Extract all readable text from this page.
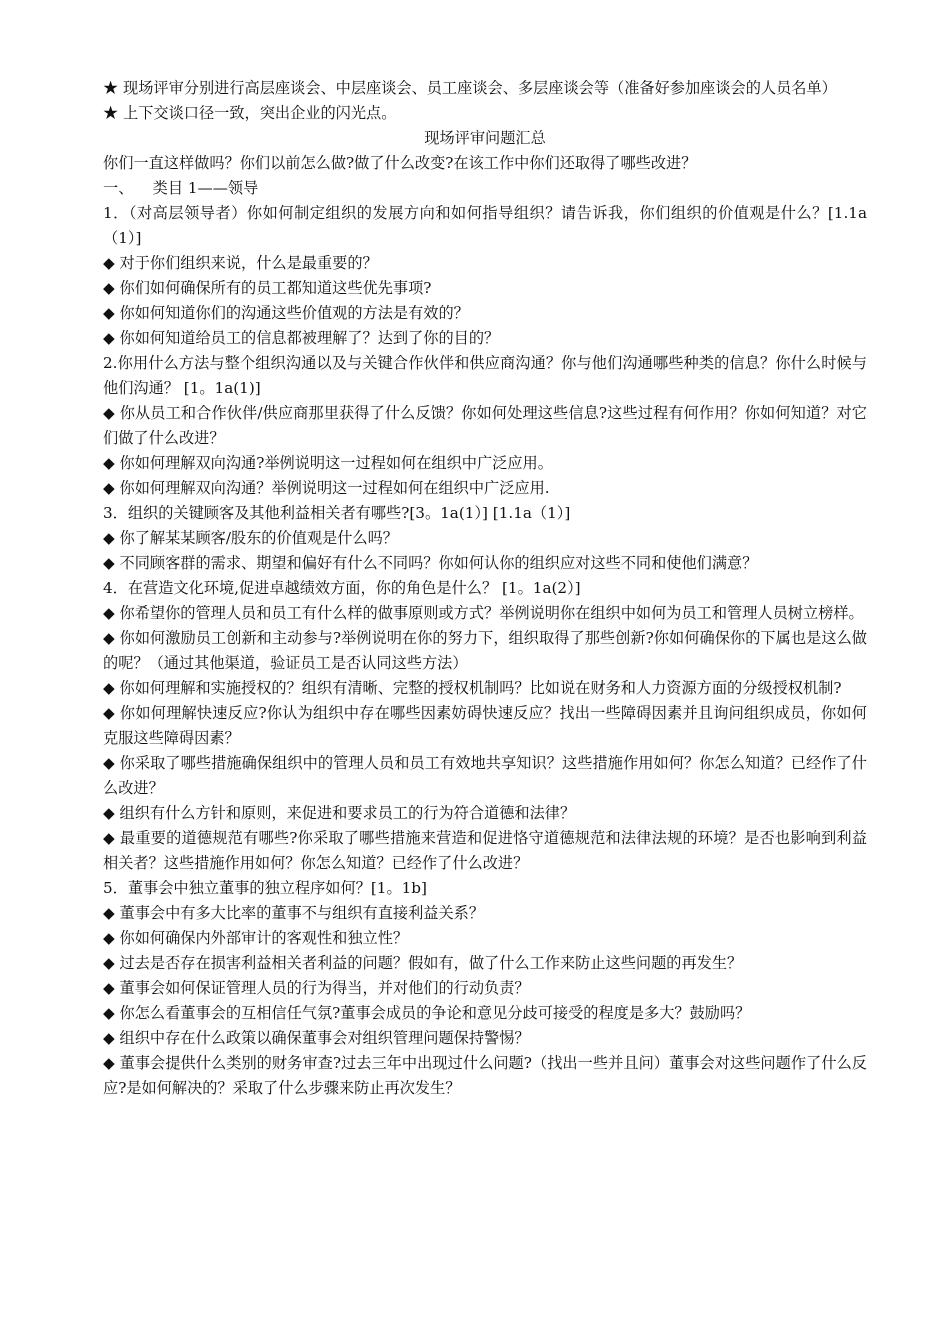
★ 现场评审分别进行高层座谈会、中层座谈会、员工座谈会、多层座谈会等（准备好参加座谈会的人员名单）

★ 上下交谈口径一致，突出企业的闪光点。

现场评审问题汇总

你们一直这样做吗？你们以前怎么做?做了什么改变?在该工作中你们还取得了哪些改进？

一、    类目 1——领导

1．（对高层领导者）你如何制定组织的发展方向和如何指导组织？请告诉我，你们组织的价值观是什么？[1.1a（1）]

◆ 对于你们组织来说，什么是最重要的？

◆ 你们如何确保所有的员工都知道这些优先事项?

◆ 你如何知道你们的沟通这些价值观的方法是有效的？

◆ 你如何知道给员工的信息都被理解了？达到了你的目的？

2.你用什么方法与整个组织沟通以及与关键合作伙伴和供应商沟通？你与他们沟通哪些种类的信息？你什么时候与他们沟通？ [1。1a(1)]

◆ 你从员工和合作伙伴/供应商那里获得了什么反馈？你如何处理这些信息?这些过程有何作用？你如何知道？对它们做了什么改进？

◆ 你如何理解双向沟通?举例说明这一过程如何在组织中广泛应用。

◆ 你如何理解双向沟通？举例说明这一过程如何在组织中广泛应用.

3．组织的关键顾客及其他利益相关者有哪些?[3。1a(1）] [1.1a（1）]

◆ 你了解某某顾客/股东的价值观是什么吗？

◆ 不同顾客群的需求、期望和偏好有什么不同吗？你如何认你的组织应对这些不同和使他们满意？

4．在营造文化环境,促进卓越绩效方面，你的角色是什么？ [1。1a(2）]

◆ 你希望你的管理人员和员工有什么样的做事原则或方式？举例说明你在组织中如何为员工和管理人员树立榜样。

◆ 你如何激励员工创新和主动参与?举例说明在你的努力下，组织取得了那些创新?你如何确保你的下属也是这么做的呢？（通过其他渠道，验证员工是否认同这些方法）

◆ 你如何理解和实施授权的？组织有清晰、完整的授权机制吗？比如说在财务和人力资源方面的分级授权机制?

◆ 你如何理解快速反应?你认为组织中存在哪些因素妨碍快速反应？找出一些障碍因素并且询问组织成员，你如何克服这些障碍因素？

◆ 你采取了哪些措施确保组织中的管理人员和员工有效地共享知识？这些措施作用如何？你怎么知道？已经作了什么改进？

◆ 组织有什么方针和原则，来促进和要求员工的行为符合道德和法律？

◆ 最重要的道德规范有哪些?你采取了哪些措施来营造和促进恪守道德规范和法律法规的环境？是否也影响到利益相关者？这些措施作用如何？你怎么知道？已经作了什么改进？

5．董事会中独立董事的独立程序如何？[1。1b]

◆ 董事会中有多大比率的董事不与组织有直接利益关系？

◆ 你如何确保内外部审计的客观性和独立性？

◆ 过去是否存在损害利益相关者利益的问题？假如有，做了什么工作来防止这些问题的再发生？

◆ 董事会如何保证管理人员的行为得当，并对他们的行动负责？

◆ 你怎么看董事会的互相信任气氛?董事会成员的争论和意见分歧可接受的程度是多大？鼓励吗？

◆ 组织中存在什么政策以确保董事会对组织管理问题保持警惕？

◆ 董事会提供什么类别的财务审查?过去三年中出现过什么问题?（找出一些并且问）董事会对这些问题作了什么反应?是如何解决的？采取了什么步骤来防止再次发生？
